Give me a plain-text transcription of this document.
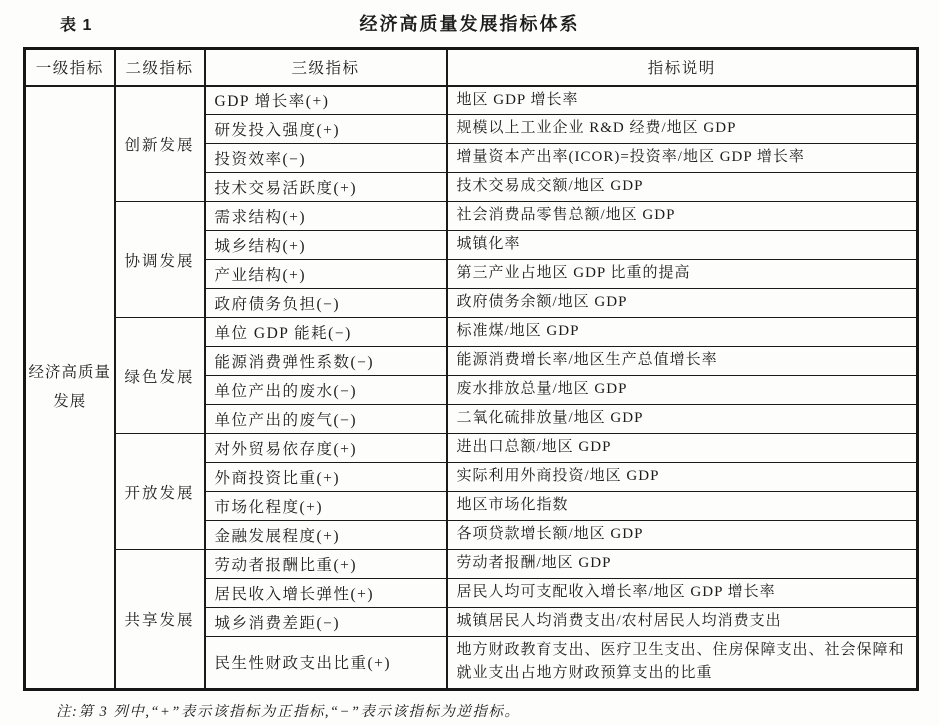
表 1	经济高质量发展指标体系
一级指标	二级指标	三级指标	指标说明
经济高质量
发展	创新发展	GDP 增长率(+)	地区 GDP 增长率
		研发投入强度(+)	规模以上工业企业 R&D 经费/地区 GDP
		投资效率(−)	增量资本产出率(ICOR)=投资率/地区 GDP 增长率
		技术交易活跃度(+)	技术交易成交额/地区 GDP
	协调发展	需求结构(+)	社会消费品零售总额/地区 GDP
		城乡结构(+)	城镇化率
		产业结构(+)	第三产业占地区 GDP 比重的提高
		政府债务负担(−)	政府债务余额/地区 GDP
	绿色发展	单位 GDP 能耗(−)	标准煤/地区 GDP
		能源消费弹性系数(−)	能源消费增长率/地区生产总值增长率
		单位产出的废水(−)	废水排放总量/地区 GDP
		单位产出的废气(−)	二氧化硫排放量/地区 GDP
	开放发展	对外贸易依存度(+)	进出口总额/地区 GDP
		外商投资比重(+)	实际利用外商投资/地区 GDP
		市场化程度(+)	地区市场化指数
		金融发展程度(+)	各项贷款增长额/地区 GDP
	共享发展	劳动者报酬比重(+)	劳动者报酬/地区 GDP
		居民收入增长弹性(+)	居民人均可支配收入增长率/地区 GDP 增长率
		城乡消费差距(−)	城镇居民人均消费支出/农村居民人均消费支出
		民生性财政支出比重(+)	地方财政教育支出、医疗卫生支出、住房保障支出、社会保障和就业支出占地方财政预算支出的比重
注:第 3 列中,“+”表示该指标为正指标,“−”表示该指标为逆指标。
